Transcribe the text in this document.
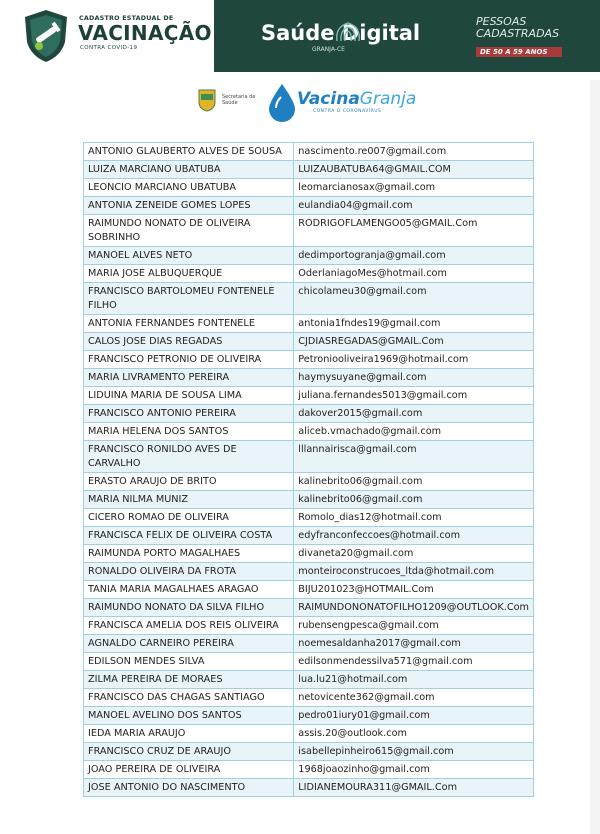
CADASTRO ESTADUAL DE
VACINAÇÃO
CONTRA COVID-19
Saúde Digital
GRANJA-CE
PESSOAS
CADASTRADAS
DE 50 A 59 ANOS
Secretaria de
Saúde	VacinaGranja
CONTRA O CORONAVÍRUS
ANTONIO GLAUBERTO ALVES DE SOUSA	nascimento.re007@gmail.com
LUIZA MARCIANO UBATUBA	LUIZAUBATUBA64@GMAIL.COM
LEONCIO MARCIANO UBATUBA	leomarcianosax@gmail.com
ANTONIA ZENEIDE GOMES LOPES	eulandia04@gmail.com
RAIMUNDO NONATO DE OLIVEIRA SOBRINHO	RODRIGOFLAMENGO05@GMAIL.Com
MANOEL ALVES NETO	dedimportogranja@gmail.com
MARIA JOSE ALBUQUERQUE	OderlaniagoMes@hotmail.com
FRANCISCO BARTOLOMEU FONTENELE FILHO	chicolameu30@gmail.com
ANTONIA FERNANDES FONTENELE	antonia1fndes19@gmail.com
CALOS JOSE DIAS REGADAS	CJDIASREGADAS@GMAIL.Com
FRANCISCO PETRONIO DE OLIVEIRA	Petroniooliveira1969@hotmail.com
MARIA LIVRAMENTO PEREIRA	haymysuyane@gmail.com
LIDUINA MARIA DE SOUSA LIMA	juliana.fernandes5013@gmail.com
FRANCISCO ANTONIO PEREIRA	dakover2015@gmail.com
MARIA HELENA DOS SANTOS	aliceb.vmachado@gmail.com
FRANCISCO RONILDO AVES DE CARVALHO	lllannairisca@gmail.com
ERASTO ARAUJO DE BRITO	kalinebrito06@gmail.com
MARIA NILMA MUNIZ	kalinebrito06@gmail.com
CICERO ROMAO DE OLIVEIRA	Romolo_dias12@hotmail.com
FRANCISCA FELIX DE OLIVEIRA COSTA	edyfranconfeccoes@hotmail.com
RAIMUNDA PORTO MAGALHAES	divaneta20@gmail.com
RONALDO OLIVEIRA DA FROTA	monteiroconstrucoes_ltda@hotmail.com
TANIA MARIA MAGALHAES ARAGAO	BIJU201023@HOTMAIL.Com
RAIMUNDO NONATO DA SILVA FILHO	RAIMUNDONONATOFILHO1209@OUTLOOK.Com
FRANCISCA AMELIA DOS REIS OLIVEIRA	rubensengpesca@gmail.com
AGNALDO CARNEIRO PEREIRA	noemesaldanha2017@gmail.com
EDILSON MENDES SILVA	edilsonmendessilva571@gmail.com
ZILMA PEREIRA DE MORAES	lua.lu21@hotmail.com
FRANCISCO DAS CHAGAS SANTIAGO	netovicente362@gmail.com
MANOEL AVELINO DOS SANTOS	pedro01iury01@gmail.com
IEDA MARIA ARAUJO	assis.20@outlook.com
FRANCISCO CRUZ DE ARAUJO	isabellepinheiro615@gmail.com
JOAO PEREIRA DE OLIVEIRA	1968joaozinho@gmail.com
JOSE ANTONIO DO NASCIMENTO	LIDIANEMOURA311@GMAIL.Com
